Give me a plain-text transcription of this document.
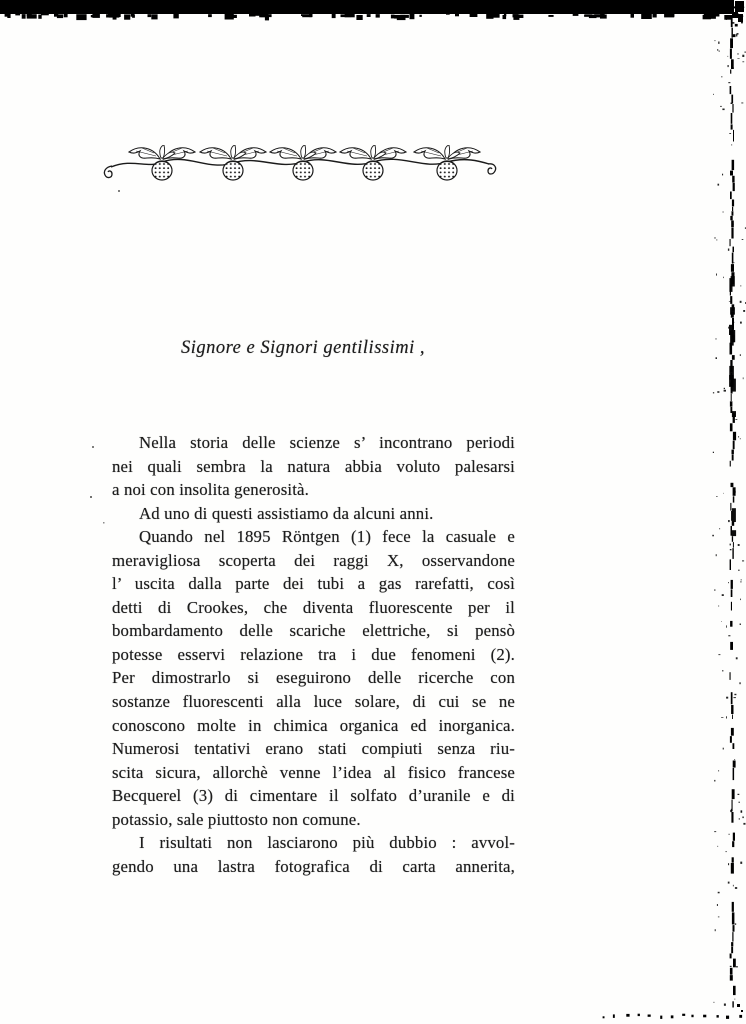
Signore e Signori gentilissimi ,
Nella storia delle scienze s’ incontrano periodi
nei quali sembra la natura abbia voluto palesarsi
a noi con insolita generosità.
Ad uno di questi assistiamo da alcuni anni.
Quando nel 1895 Röntgen (1) fece la casuale e
meravigliosa scoperta dei raggi X, osservandone
l’ uscita dalla parte dei tubi a gas rarefatti, così
detti di Crookes, che diventa fluorescente per il
bombardamento delle scariche elettriche, si pensò
potesse esservi relazione tra i due fenomeni (2).
Per dimostrarlo si eseguirono delle ricerche con
sostanze fluorescenti alla luce solare, di cui se ne
conoscono molte in chimica organica ed inorganica.
Numerosi tentativi erano stati compiuti senza riu-
scita sicura, allorchè venne l’idea al fisico francese
Becquerel (3) di cimentare il solfato d’uranile e di
potassio, sale piuttosto non comune.
I risultati non lasciarono più dubbio : avvol-
gendo una lastra fotografica di carta annerita,
